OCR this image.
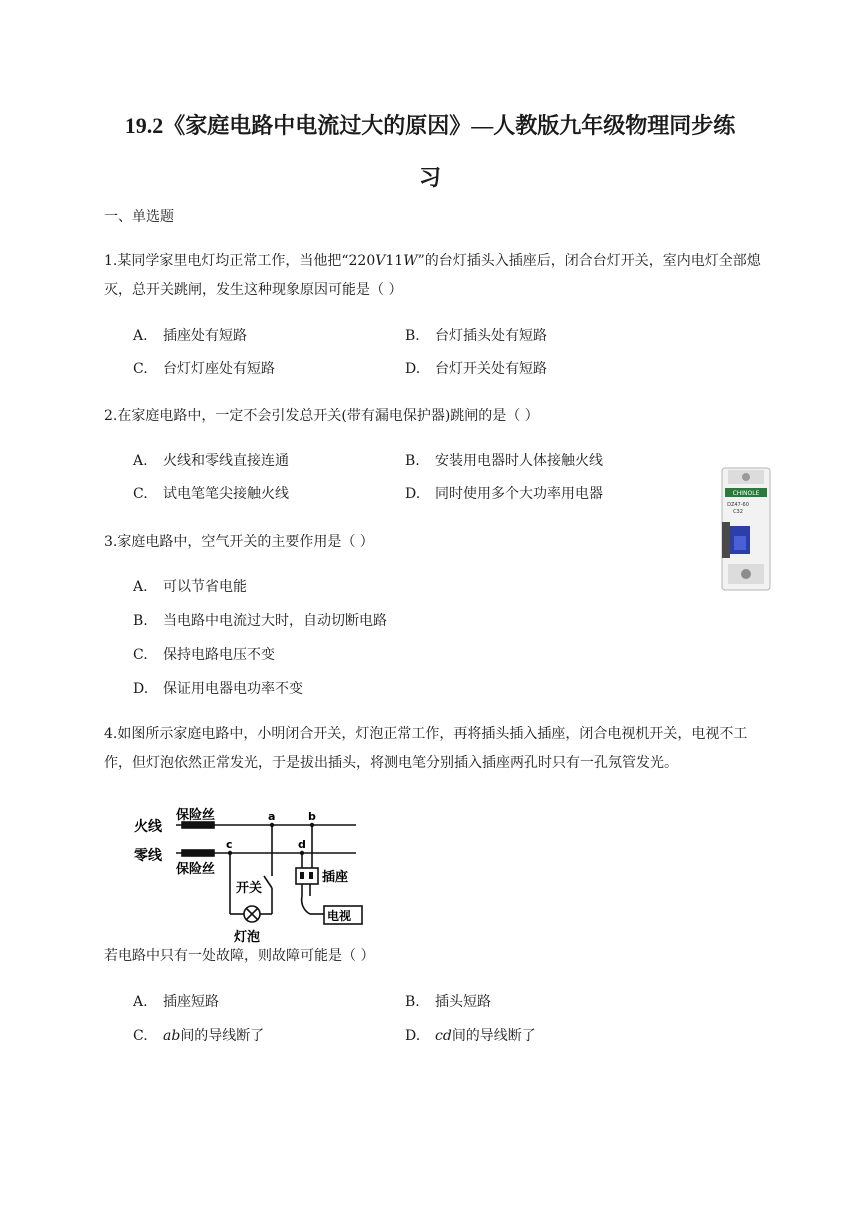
19.2《家庭电路中电流过大的原因》—人教版九年级物理同步练
习
一、单选题
1.某同学家里电灯均正常工作，当他把“220V11W”的台灯插头入插座后，闭合台灯开关，室内电灯全部熄灭，总开关跳闸，发生这种现象原因可能是（ ）
A. 插座处有短路	B. 台灯插头处有短路
C. 台灯灯座处有短路	D. 台灯开关处有短路
2.在家庭电路中，一定不会引发总开关(带有漏电保护器)跳闸的是（ ）
A. 火线和零线直接连通	B. 安装用电器时人体接触火线
C. 试电笔笔尖接触火线	D. 同时使用多个大功率用电器	CHINOLE
DZ47-60
C32
3.家庭电路中，空气开关的主要作用是（ ）
A. 可以节省电能
B. 当电路中电流过大时，自动切断电路
C. 保持电路电压不变
D. 保证用电器电功率不变
4.如图所示家庭电路中，小明闭合开关，灯泡正常工作，再将插头插入插座，闭合电视机开关，电视不工作，但灯泡依然正常发光，于是拔出插头，将测电笔分别插入插座两孔时只有一孔氖管发光。
火线
零线
保险丝
保险丝
a	b
c	d
开关
灯泡
插座
电视
若电路中只有一处故障，则故障可能是（ ）
A. 插座短路	B. 插头短路
C. ab间的导线断了	D. cd间的导线断了
